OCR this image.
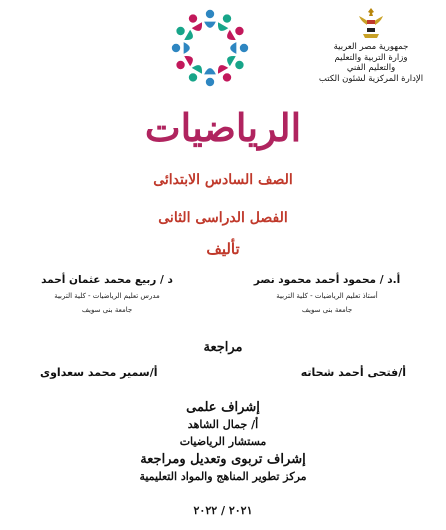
جمهورية مصر العربية
وزارة التربية والتعليم
والتعليم الفني
الإدارة المركزية لشئون الكتب
الرياضيات
الصف السادس الابتدائى
الفصل الدراسى الثانى
تأليف
أ.د / محمود أحمد محمود نصر
أستاذ تعليم الرياضيات - كلية التربية
جامعة بنى سويف
د / ربيع محمد عثمان أحمد
مدرس تعليم الرياضيات - كلية التربية
جامعة بنى سويف
مراجعة
أ/فتحى أحمد شحاته
أ/سمير محمد سعداوى
إشراف علمى
أ/ جمال الشاهد
مستشار الرياضيات
إشراف تربوى وتعديل ومراجعة
مركز تطوير المناهج والمواد التعليمية
٢٠٢١ / ٢٠٢٢
